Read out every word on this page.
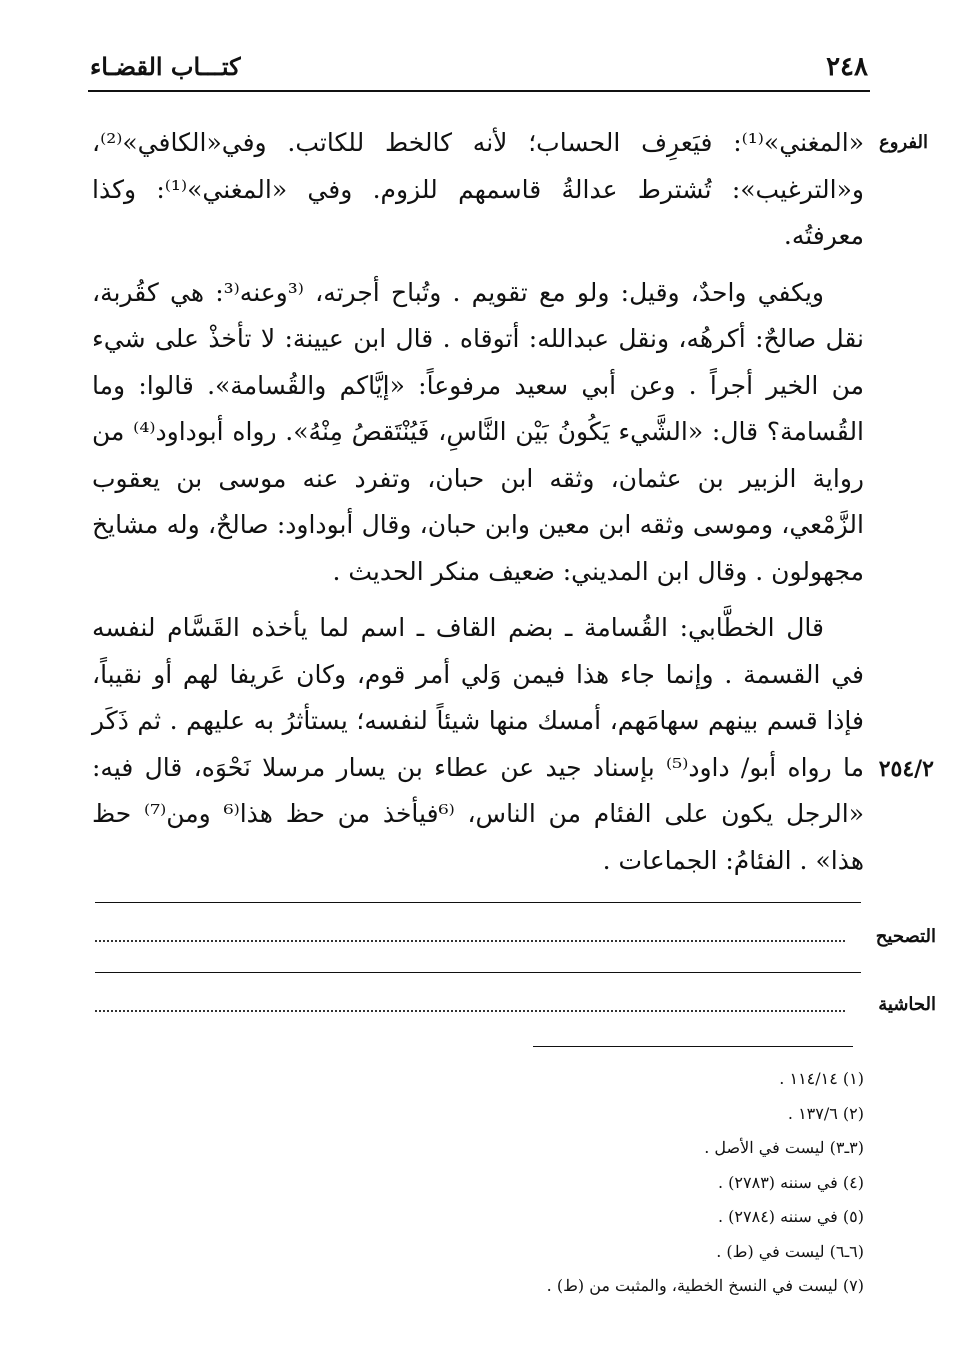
كتـــاب القضـاء	٢٤٨
الفروع
٢٥٤/٢

«المغني»⁽¹⁾: فيَعرِف الحساب؛ لأنه كالخط للكاتب. وفي«الكافي»⁽²⁾، و«الترغيب»: تُشترط عدالةُ قاسمهم للزوم. وفي «المغني»⁽¹⁾: وكذا معرفتُه.

ويكفي واحدٌ، وقيل: ولو مع تقويم . وتُباح أجرته، ⁽³وعنه⁽³: هي كقُربة، نقل صالحٌ: أكرهُه، ونقل عبدالله: أتوقاه . قال ابن عيينة: لا تأخذْ على شيء من الخير أجراً . وعن أبي سعيد مرفوعاً: «إيَّاكم والقُسامة». قالوا: وما القُسامة؟ قال: «الشَّيء يَكُونُ بَيْن النَّاسِ، فَيُنْتَقصُ مِنْهُ». رواه أبوداود⁽⁴⁾ من رواية الزبير بن عثمان، وثقه ابن حبان، وتفرد عنه موسى بن يعقوب الزَّمْعي، وموسى وثقه ابن معين وابن حبان، وقال أبوداود: صالحٌ، وله مشايخ مجهولون . وقال ابن المديني: ضعيف منكر الحديث .

قال الخطَّابي: القُسامة ـ بضم القاف ـ اسم لما يأخذه القَسَّام لنفسه في القسمة . وإنما جاء هذا فيمن وَلي أمر قوم، وكان عَريفا لهم أو نقيباً، فإذا قسم بينهم سهامَهم، أمسك منها شيئاً لنفسه؛ يستأثرُ به عليهم . ثم ذَكَر ما رواه أبو/ داود⁽⁵⁾ بإسناد جيد عن عطاء بن يسار مرسلا نَحْوَه، قال فيه: «الرجل يكون على الفئام من الناس، ⁽⁶فيأخذ من حظ هذا⁽⁶ ومن⁽⁷⁾ حظ هذا» . الفئامُ: الجماعات .

التصحيح
الحاشية
(١) ١١٤/١٤ .
(٢) ١٣٧/٦ .
(٣ـ٣) ليست في الأصل .
(٤) في سننه (٢٧٨٣) .
(٥) في سننه (٢٧٨٤) .
(٦ـ٦) ليست في (ط) .
(٧) ليست في النسخ الخطية، والمثبت من (ط) .
